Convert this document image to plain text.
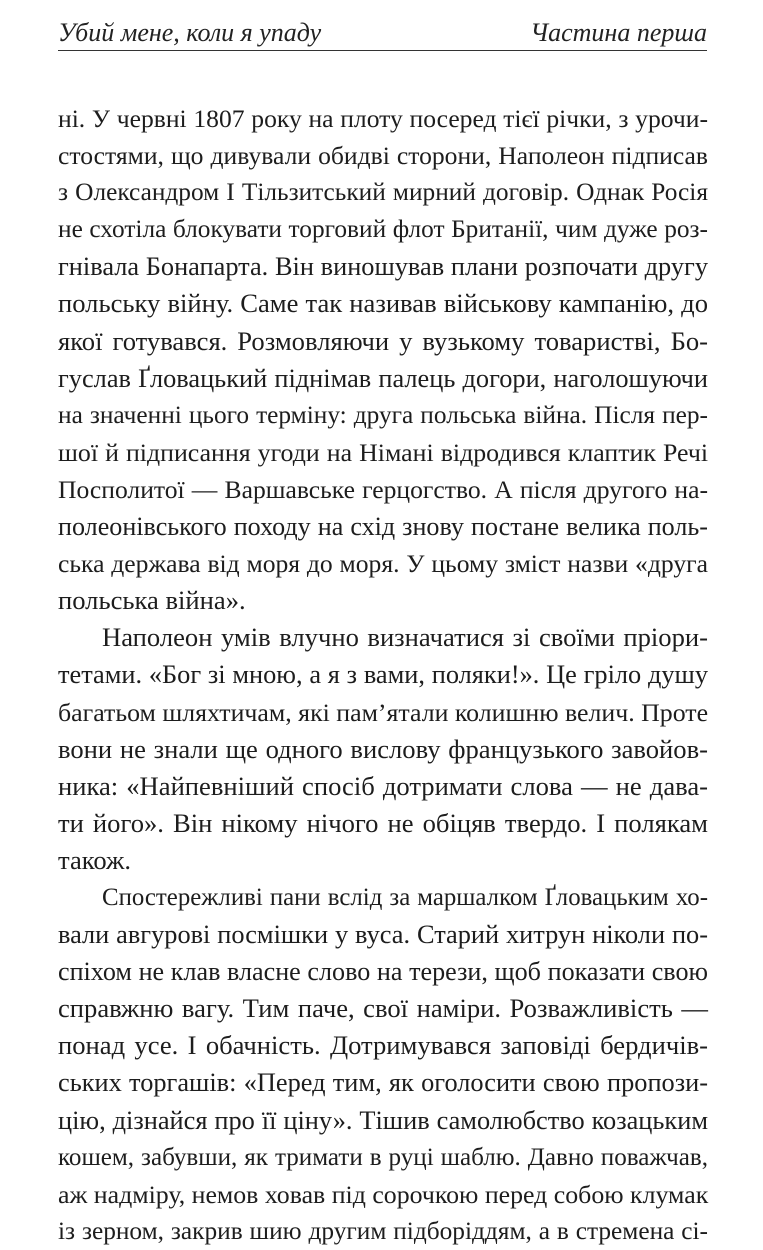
Убий мене, коли я упаду	Частина перша
ні. У червні 1807 року на плоту посеред тієї річки, з урочи-
стостями, що дивували обидві сторони, Наполеон підписав
з Олександром І Тільзитський мирний договір. Однак Росія
не схотіла блокувати торговий флот Британії, чим дуже роз-
гнівала Бонапарта. Він виношував плани розпочати другу
польську війну. Саме так називав військову кампанію, до
якої готувався. Розмовляючи у вузькому товаристві, Бо-
гуслав Ґловацький піднімав палець догори, наголошуючи
на значенні цього терміну: друга польська війна. Після пер-
шої й підписання угоди на Німані відродився клаптик Речі
Посполитої — Варшавське герцогство. А після другого на-
полеонівського походу на схід знову постане велика поль-
ська держава від моря до моря. У цьому зміст назви «друга
польська війна».
Наполеон умів влучно визначатися зі своїми пріори-
тетами. «Бог зі мною, а я з вами, поляки!». Це гріло душу
багатьом шляхтичам, які пам’ятали колишню велич. Проте
вони не знали ще одного вислову французького завойов-
ника: «Найпевніший спосіб дотримати слова — не дава-
ти його». Він нікому нічого не обіцяв твердо. І полякам
також.
Спостережливі пани вслід за маршалком Ґловацьким хо-
вали авгурові посмішки у вуса. Старий хитрун ніколи по-
спіхом не клав власне слово на терези, щоб показати свою
справжню вагу. Тим паче, свої наміри. Розважливість —
понад усе. І обачність. Дотримувався заповіді бердичів-
ських торгашів: «Перед тим, як оголосити свою пропози-
цію, дізнайся про її ціну». Тішив самолюбство козацьким
кошем, забувши, як тримати в руці шаблю. Давно поважчав,
аж надміру, немов ховав під сорочкою перед собою клумак
із зерном, закрив шию другим підборіддям, а в стремена сі-
